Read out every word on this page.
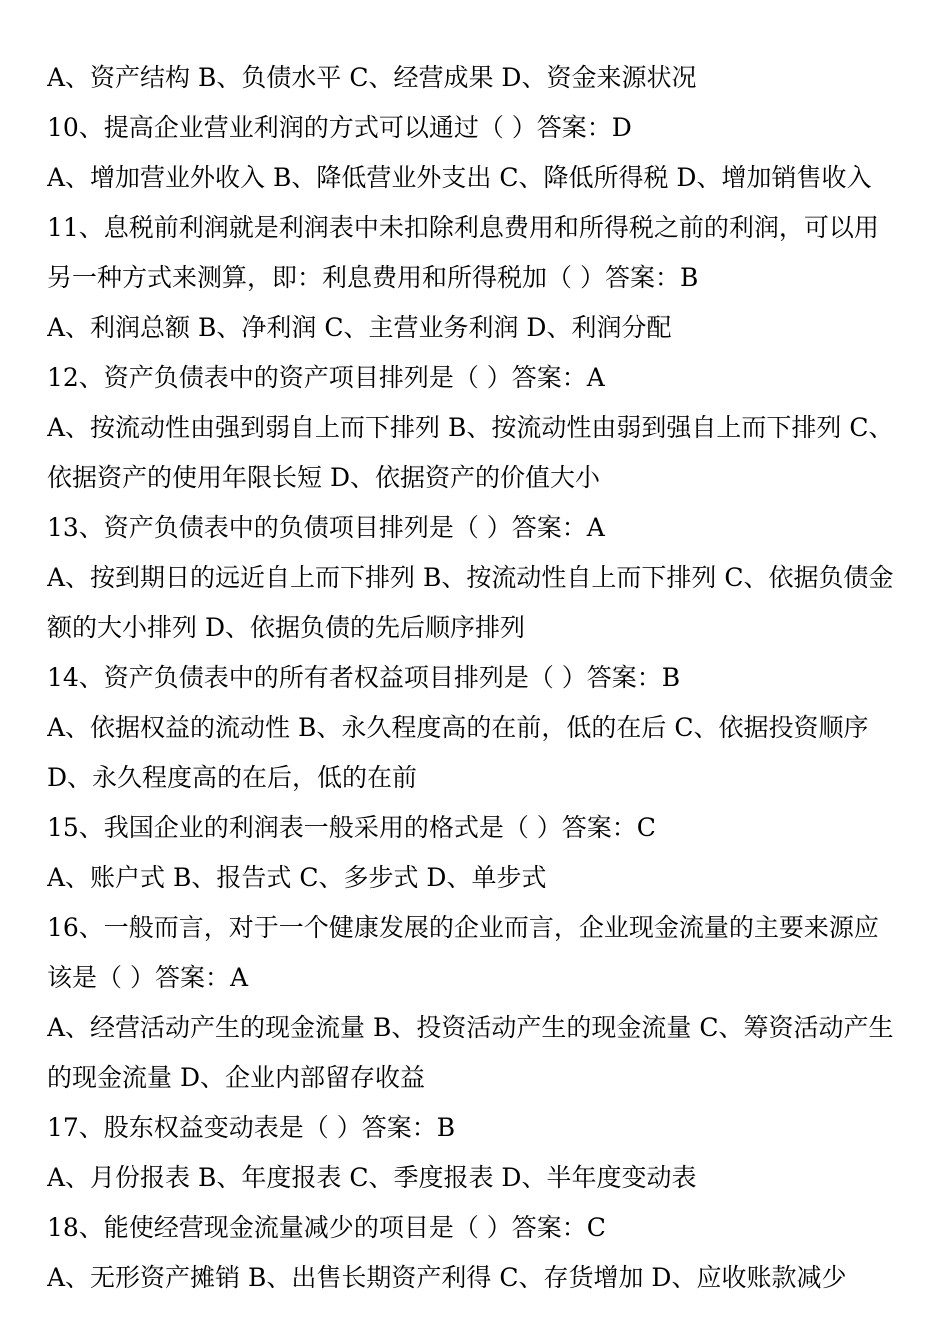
A、资产结构 B、负债水平 C、经营成果 D、资金来源状况
10、提高企业营业利润的方式可以通过（ ）答案：D
A、增加营业外收入 B、降低营业外支出 C、降低所得税 D、增加销售收入
11、息税前利润就是利润表中未扣除利息费用和所得税之前的利润，可以用
另一种方式来测算，即：利息费用和所得税加（ ）答案：B
A、利润总额 B、净利润 C、主营业务利润 D、利润分配
12、资产负债表中的资产项目排列是（ ）答案：A
A、按流动性由强到弱自上而下排列 B、按流动性由弱到强自上而下排列 C、
依据资产的使用年限长短 D、依据资产的价值大小
13、资产负债表中的负债项目排列是（ ）答案：A
A、按到期日的远近自上而下排列 B、按流动性自上而下排列 C、依据负债金
额的大小排列 D、依据负债的先后顺序排列
14、资产负债表中的所有者权益项目排列是（ ）答案：B
A、依据权益的流动性 B、永久程度高的在前，低的在后 C、依据投资顺序
D、永久程度高的在后，低的在前
15、我国企业的利润表一般采用的格式是（ ）答案：C
A、账户式 B、报告式 C、多步式 D、单步式
16、一般而言，对于一个健康发展的企业而言，企业现金流量的主要来源应
该是（ ）答案：A
A、经营活动产生的现金流量 B、投资活动产生的现金流量 C、筹资活动产生
的现金流量 D、企业内部留存收益
17、股东权益变动表是（ ）答案：B
A、月份报表 B、年度报表 C、季度报表 D、半年度变动表
18、能使经营现金流量减少的项目是（ ）答案：C
A、无形资产摊销 B、出售长期资产利得 C、存货增加 D、应收账款减少
